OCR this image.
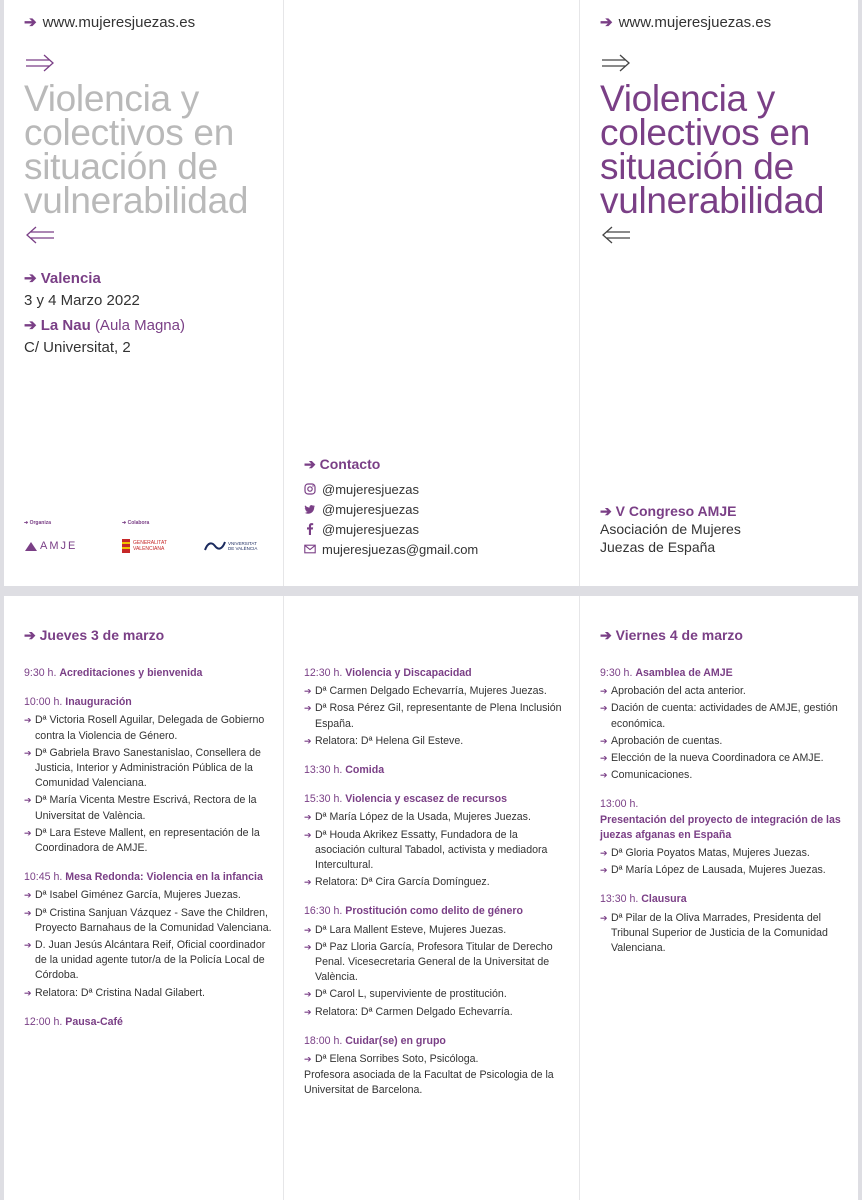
➔ www.mujeresjuezas.es
Violencia y
colectivos en
situación de
vulnerabilidad
➔ Valencia
3 y 4 Marzo 2022
➔ La Nau (Aula Magna)
C/ Universitat, 2
➔ Organiza	➔ Colabora
AMJE	GENERALITAT VALENCIANA
VNIVERSITAT DE VALÈNCIA
➔ Contacto
@mujeresjuezas
@mujeresjuezas
@mujeresjuezas
mujeresjuezas@gmail.com
➔ www.mujeresjuezas.es
Violencia y
colectivos en
situación de
vulnerabilidad
➔ V Congreso AMJE
Asociación de Mujeres
Juezas de España
➔ Jueves 3 de marzo
9:30 h. Acreditaciones y bienvenida
10:00 h. Inauguración
➔ Dª Victoria Rosell Aguilar, Delegada de Gobierno contra la Violencia de Género.
➔ Dª Gabriela Bravo Sanestanislao, Consellera de Justicia, Interior y Administración Pública de la Comunidad Valenciana.
➔ Dª María Vicenta Mestre Escrivá, Rectora de la Universitat de València.
➔ Dª Lara Esteve Mallent, en representación de la Coordinadora de AMJE.
10:45 h. Mesa Redonda: Violencia en la infancia
➔ Dª Isabel Giménez García, Mujeres Juezas.
➔ Dª Cristina Sanjuan Vázquez - Save the Children, Proyecto Barnahaus de la Comunidad Valenciana.
➔ D. Juan Jesús Alcántara Reif, Oficial coordinador de la unidad agente tutor/a de la Policía Local de Córdoba.
➔ Relatora: Dª Cristina Nadal Gilabert.
12:00 h. Pausa-Café
12:30 h. Violencia y Discapacidad
➔ Dª Carmen Delgado Echevarría, Mujeres Juezas.
➔ Dª Rosa Pérez Gil, representante de Plena Inclusión España.
➔ Relatora: Dª Helena Gil Esteve.
13:30 h. Comida
15:30 h. Violencia y escasez de recursos
➔ Dª María López de la Usada, Mujeres Juezas.
➔ Dª Houda Akrikez Essatty, Fundadora de la asociación cultural Tabadol, activista y mediadora Intercultural.
➔ Relatora: Dª Cira García Domínguez.
16:30 h. Prostitución como delito de género
➔ Dª Lara Mallent Esteve, Mujeres Juezas.
➔ Dª Paz Lloria García, Profesora Titular de Derecho Penal. Vicesecretaria General de la Universitat de València.
➔ Dª Carol L, superviviente de prostitución.
➔ Relatora: Dª Carmen Delgado Echevarría.
18:00 h. Cuidar(se) en grupo
➔ Dª Elena Sorribes Soto, Psicóloga.
Profesora asociada de la Facultat de Psicologia de la Universitat de Barcelona.
➔ Viernes 4 de marzo
9:30 h. Asamblea de AMJE
➔ Aprobación del acta anterior.
➔ Dación de cuenta: actividades de AMJE, gestión económica.
➔ Aprobación de cuentas.
➔ Elección de la nueva Coordinadora ce AMJE.
➔ Comunicaciones.
13:00 h.
Presentación del proyecto de integración de las juezas afganas en España
➔ Dª Gloria Poyatos Matas, Mujeres Juezas.
➔ Dª María López de Lausada, Mujeres Juezas.
13:30 h. Clausura
➔ Dª Pilar de la Oliva Marrades, Presidenta del Tribunal Superior de Justicia de la Comunidad Valenciana.
